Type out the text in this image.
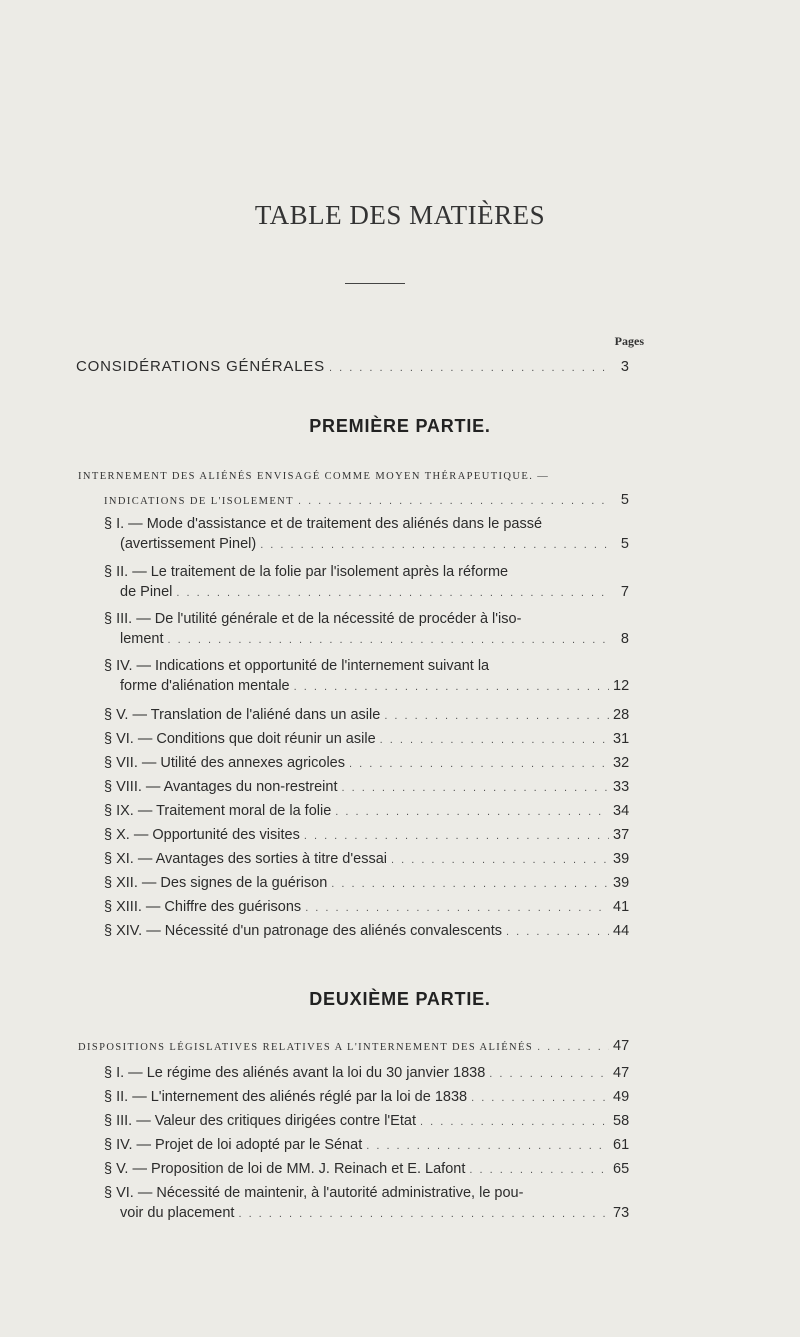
TABLE DES MATIÈRES
Pages
CONSIDÉRATIONS GÉNÉRALES . . .	3
PREMIÈRE PARTIE.
INTERNEMENT DES ALIÉNÉS ENVISAGÉ COMME MOYEN THÉRAPEUTIQUE. —
INDICATIONS DE L'ISOLEMENT . . .	5
§ I. — Mode d'assistance et de traitement des aliénés dans le passé
(avertissement Pinel) . . .	5
§ II. — Le traitement de la folie par l'isolement après la réforme
de Pinel . . .	7
§ III. — De l'utilité générale et de la nécessité de procéder à l'iso-
lement . . .	8
§ IV. — Indications et opportunité de l'internement suivant la
forme d'aliénation mentale . . .	12
§ V. — Translation de l'aliéné dans un asile . . .	28
§ VI. — Conditions que doit réunir un asile . . .	31
§ VII. — Utilité des annexes agricoles . . .	32
§ VIII. — Avantages du non-restreint . . .	33
§ IX. — Traitement moral de la folie . . .	34
§ X. — Opportunité des visites . . .	37
§ XI. — Avantages des sorties à titre d'essai . . .	39
§ XII. — Des signes de la guérison . . .	39
§ XIII. — Chiffre des guérisons . . .	41
§ XIV. — Nécessité d'un patronage des aliénés convalescents . . .	44
DEUXIÈME PARTIE.
DISPOSITIONS LÉGISLATIVES RELATIVES A L'INTERNEMENT DES ALIÉNÉS . . .	47
§ I. — Le régime des aliénés avant la loi du 30 janvier 1838 . . .	47
§ II. — L'internement des aliénés réglé par la loi de 1838 . . .	49
§ III. — Valeur des critiques dirigées contre l'Etat . . .	58
§ IV. — Projet de loi adopté par le Sénat . . .	61
§ V. — Proposition de loi de MM. J. Reinach et E. Lafont . . .	65
§ VI. — Nécessité de maintenir, à l'autorité administrative, le pou-
voir du placement . . .	73
